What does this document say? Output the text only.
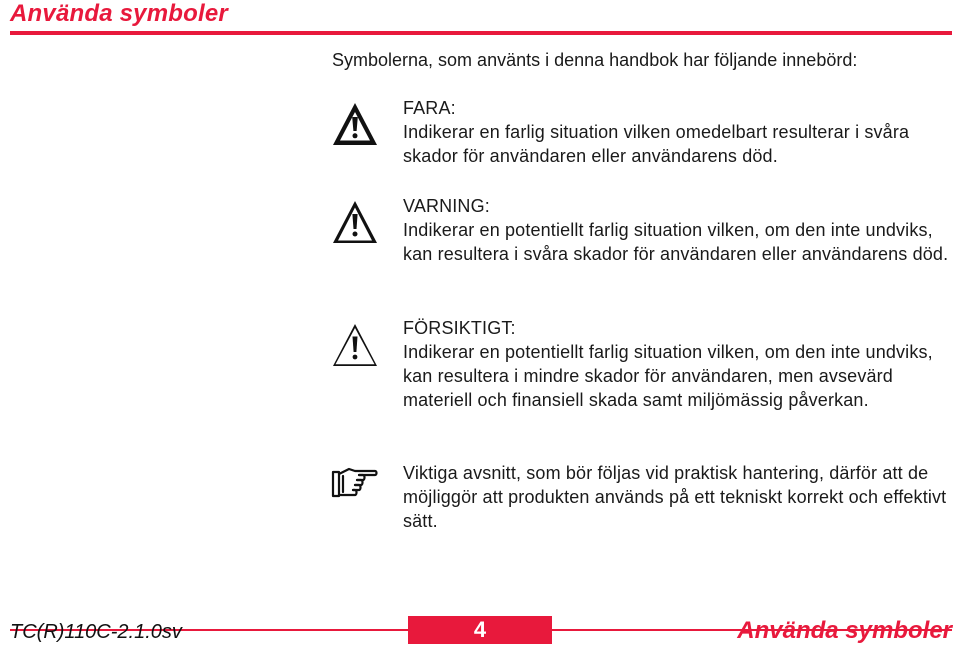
Använda symboler
Symbolerna, som använts i denna handbok har följande innebörd:
FARA:
Indikerar en farlig situation vilken omedelbart resulterar i svåra skador för användaren eller användarens död.
VARNING:
Indikerar en potentiellt farlig situation vilken, om den inte undviks, kan resultera i svåra skador för användaren eller användarens död.
FÖRSIKTIGT:
Indikerar en potentiellt farlig situation vilken, om den inte undviks, kan resultera i mindre skador för användaren, men avsevärd materiell och finansiell skada samt miljömässig påverkan.
Viktiga avsnitt, som bör följas vid praktisk hantering, därför att de möjliggör att produkten används på ett tekniskt korrekt och effektivt sätt.
TC(R)110C-2.1.0sv	4	Använda symboler
